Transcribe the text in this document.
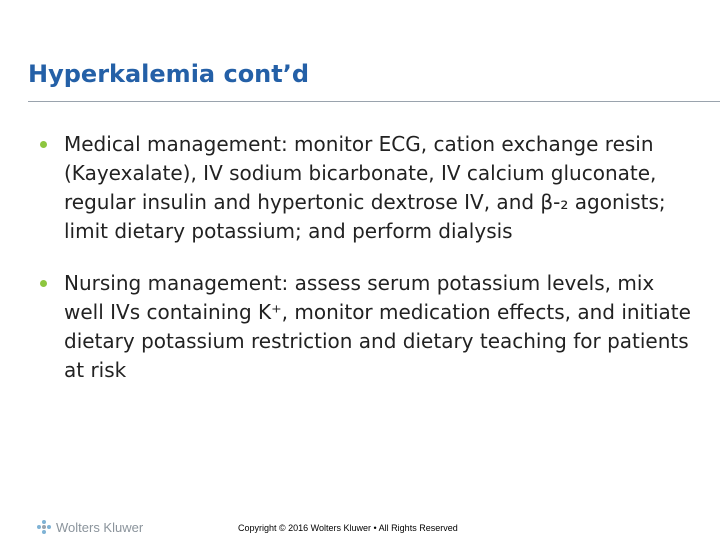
Hyperkalemia cont’d
Medical management: monitor ECG, cation exchange resin (Kayexalate), IV sodium bicarbonate, IV calcium gluconate, regular insulin and hypertonic dextrose IV, and β-₂ agonists; limit dietary potassium; and perform dialysis
Nursing management: assess serum potassium levels, mix well IVs containing K⁺, monitor medication effects, and initiate dietary potassium restriction and dietary teaching for patients at risk
Wolters Kluwer	Copyright © 2016 Wolters Kluwer • All Rights Reserved
